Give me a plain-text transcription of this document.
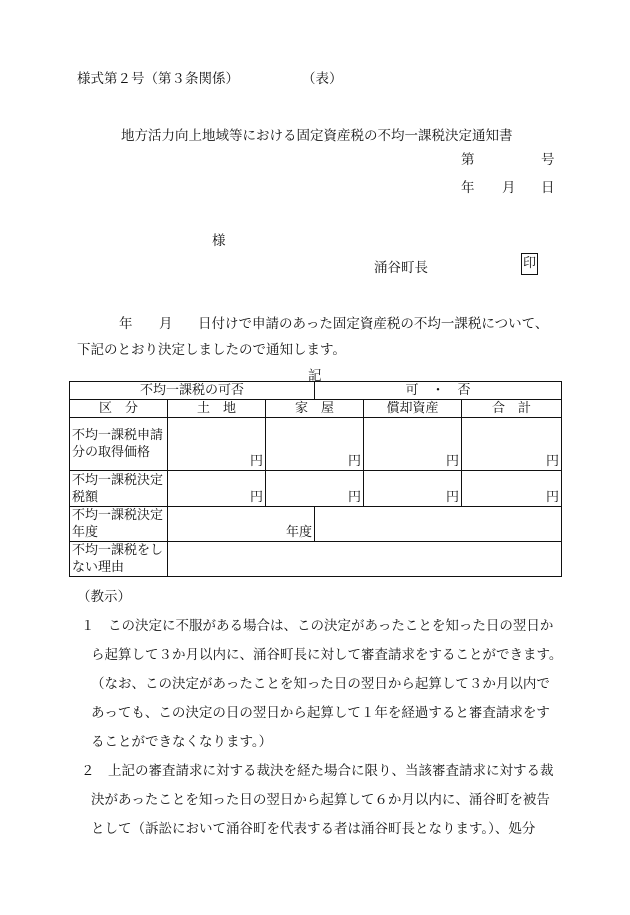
様式第２号（第３条関係）	（表）
地方活力向上地域等における固定資産税の不均一課税決定通知書
第	号
年 月 日
様
涌谷町長	印
年 月 日付けで申請のあった固定資産税の不均一課税について、
下記のとおり決定しましたので通知します。
記
不均一課税の可否			可　・　否		
区　分	土　地	家　屋		償却資産	合　計
不均一課税申請分の取得価格	円	円		円	円
不均一課税決定税額	円	円		円	円
不均一課税決定年度	年度				
不均一課税をしない理由					
（教示）
１　この決定に不服がある場合は、この決定があったことを知った日の翌日か
ら起算して３か月以内に、涌谷町長に対して審査請求をすることができます。
（なお、この決定があったことを知った日の翌日から起算して３か月以内で
あっても、この決定の日の翌日から起算して１年を経過すると審査請求をす
ることができなくなります。）
２　上記の審査請求に対する裁決を経た場合に限り、当該審査請求に対する裁
決があったことを知った日の翌日から起算して６か月以内に、涌谷町を被告
として（訴訟において涌谷町を代表する者は涌谷町長となります。）、処分
